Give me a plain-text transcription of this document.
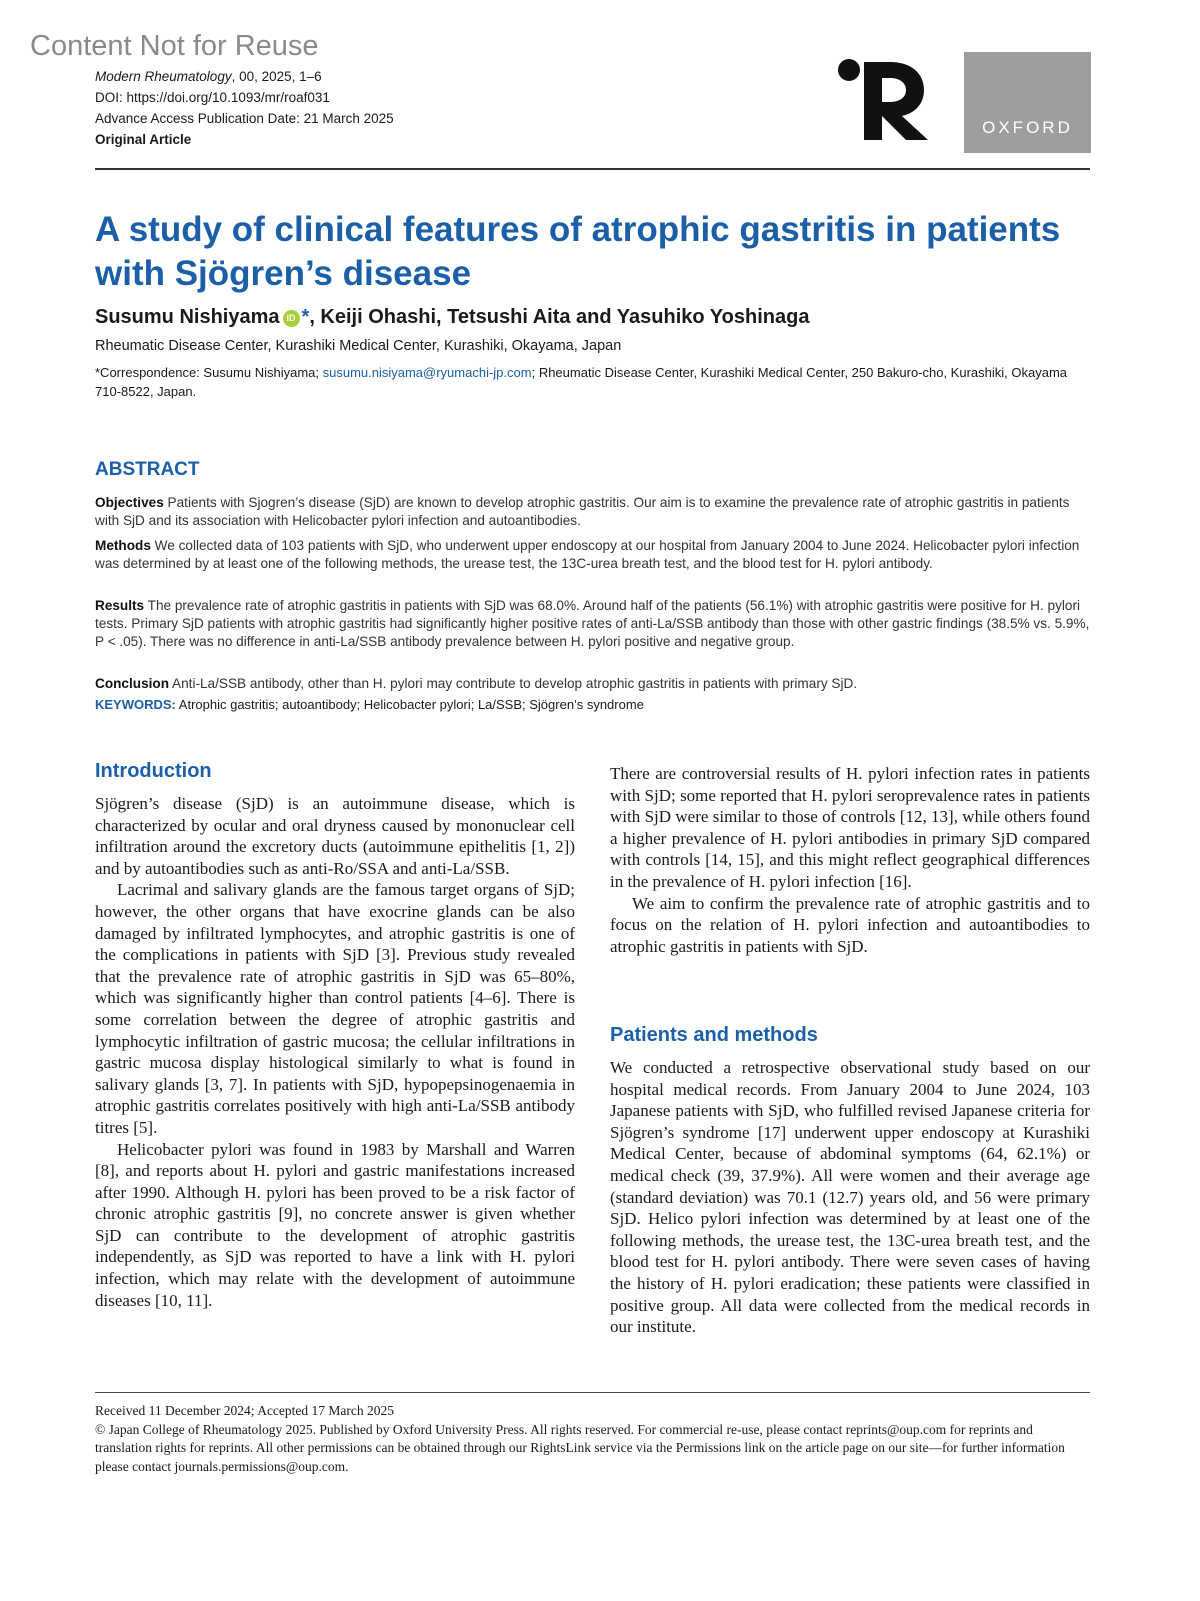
Content Not for Reuse
Modern Rheumatology, 00, 2025, 1–6
DOI: https://doi.org/10.1093/mr/roaf031
Advance Access Publication Date: 21 March 2025
Original Article
OXFORD
A study of clinical features of atrophic gastritis in patients with Sjögren’s disease
Susumu Nishiyama iD *, Keiji Ohashi, Tetsushi Aita and Yasuhiko Yoshinaga
Rheumatic Disease Center, Kurashiki Medical Center, Kurashiki, Okayama, Japan
*Correspondence: Susumu Nishiyama; susumu.nisiyama@ryumachi-jp.com; Rheumatic Disease Center, Kurashiki Medical Center, 250 Bakuro-cho, Kurashiki, Okayama 710-8522, Japan.
ABSTRACT
Objectives Patients with Sjogren’s disease (SjD) are known to develop atrophic gastritis. Our aim is to examine the prevalence rate of atrophic gastritis in patients with SjD and its association with Helicobacter pylori infection and autoantibodies.
Methods We collected data of 103 patients with SjD, who underwent upper endoscopy at our hospital from January 2004 to June 2024. Helicobacter pylori infection was determined by at least one of the following methods, the urease test, the 13C-urea breath test, and the blood test for H. pylori antibody.
Results The prevalence rate of atrophic gastritis in patients with SjD was 68.0%. Around half of the patients (56.1%) with atrophic gastritis were positive for H. pylori tests. Primary SjD patients with atrophic gastritis had significantly higher positive rates of anti-La/SSB antibody than those with other gastric findings (38.5% vs. 5.9%, P < .05). There was no difference in anti-La/SSB antibody prevalence between H. pylori positive and negative group.
Conclusion Anti-La/SSB antibody, other than H. pylori may contribute to develop atrophic gastritis in patients with primary SjD.
KEYWORDS: Atrophic gastritis; autoantibody; Helicobacter pylori; La/SSB; Sjögren’s syndrome
Introduction

Sjögren’s disease (SjD) is an autoimmune disease, which is characterized by ocular and oral dryness caused by mononuclear cell infiltration around the excretory ducts (autoimmune epithelitis [1, 2]) and by autoantibodies such as anti-Ro/SSA and anti-La/SSB.

Lacrimal and salivary glands are the famous target organs of SjD; however, the other organs that have exocrine glands can be also damaged by infiltrated lymphocytes, and atrophic gastritis is one of the complications in patients with SjD [3]. Previous study revealed that the prevalence rate of atrophic gastritis in SjD was 65–80%, which was significantly higher than control patients [4–6]. There is some correlation between the degree of atrophic gastritis and lymphocytic infiltration of gastric mucosa; the cellular infiltrations in gastric mucosa display histological similarly to what is found in salivary glands [3, 7]. In patients with SjD, hypopepsinogenaemia in atrophic gastritis correlates positively with high anti-La/SSB antibody titres [5].

Helicobacter pylori was found in 1983 by Marshall and Warren [8], and reports about H. pylori and gastric manifestations increased after 1990. Although H. pylori has been proved to be a risk factor of chronic atrophic gastritis [9], no concrete answer is given whether SjD can contribute to the development of atrophic gastritis independently, as SjD was reported to have a link with H. pylori infection, which may relate with the development of autoimmune diseases [10, 11].

There are controversial results of H. pylori infection rates in patients with SjD; some reported that H. pylori seroprevalence rates in patients with SjD were similar to those of controls [12, 13], while others found a higher prevalence of H. pylori antibodies in primary SjD compared with controls [14, 15], and this might reflect geographical differences in the prevalence of H. pylori infection [16].

We aim to confirm the prevalence rate of atrophic gastritis and to focus on the relation of H. pylori infection and autoantibodies to atrophic gastritis in patients with SjD.

Patients and methods

We conducted a retrospective observational study based on our hospital medical records. From January 2004 to June 2024, 103 Japanese patients with SjD, who fulfilled revised Japanese criteria for Sjögren’s syndrome [17] underwent upper endoscopy at Kurashiki Medical Center, because of abdominal symptoms (64, 62.1%) or medical check (39, 37.9%). All were women and their average age (standard deviation) was 70.1 (12.7) years old, and 56 were primary SjD. Helico pylori infection was determined by at least one of the following methods, the urease test, the 13C-urea breath test, and the blood test for H. pylori antibody. There were seven cases of having the history of H. pylori eradication; these patients were classified in positive group. All data were collected from the medical records in our institute.

Received 11 December 2024; Accepted 17 March 2025
© Japan College of Rheumatology 2025. Published by Oxford University Press. All rights reserved. For commercial re-use, please contact reprints@oup.com for reprints and translation rights for reprints. All other permissions can be obtained through our RightsLink service via the Permissions link on the article page on our site—for further information please contact journals.permissions@oup.com.
